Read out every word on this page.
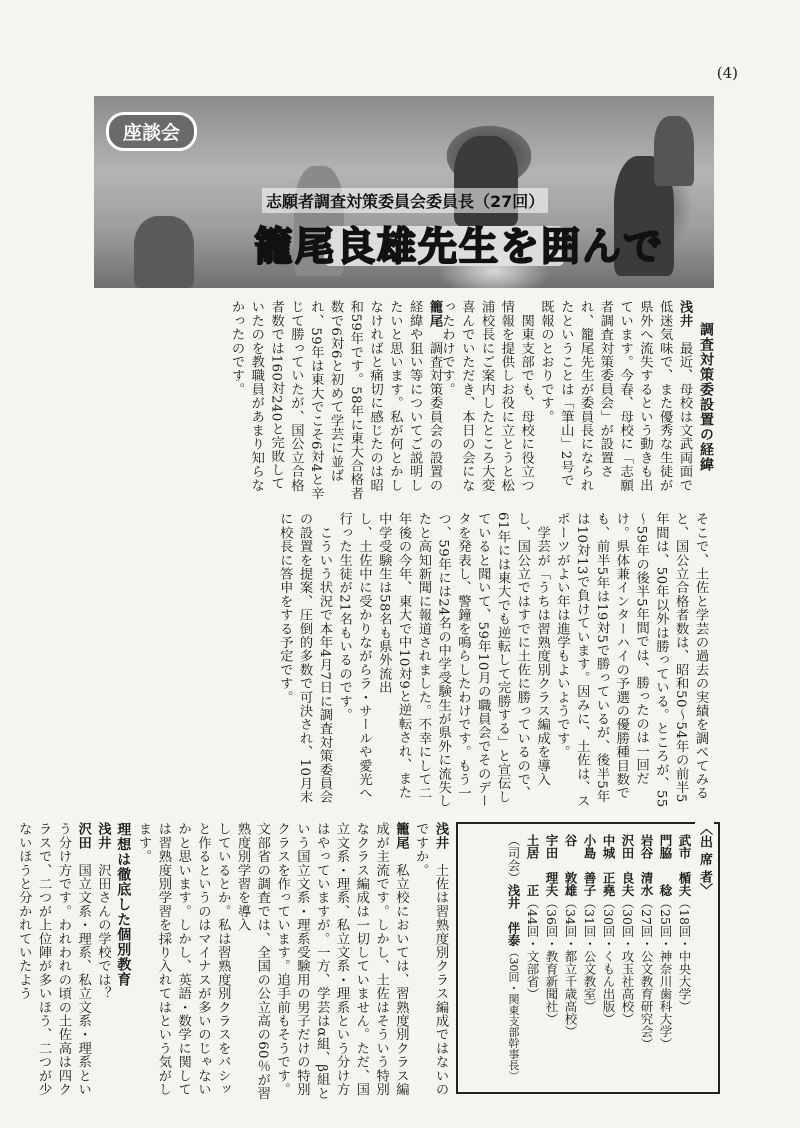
(4)
座談会
志願者調査対策委員会委員長（27回）
籠尾良雄先生を囲んで
調査対策委設置の経緯
浅井　最近、母校は文武両面で低迷気味で、また優秀な生徒が県外へ流失するという動きも出ています。今春、母校に「志願者調査対策委員会」が設置され、籠尾先生が委員長になられたということは「筆山」2号で既報のとおりです。
　関東支部でも、母校に役立つ情報を提供しお役に立とうと松浦校長にご案内したところ大変喜んでいただき、本日の会になったわけです。
籠尾　調査対策委員会の設置の経緯や狙い等についてご説明したいと思います。私が何とかしなければと痛切に感じたのは昭和59年です。58年に東大合格者数で6対6と初めて学芸に並ばれ、59年は東大でこそ6対4と辛じて勝っていたが、国公立合格者数では160対240と完敗していたのを教職員があまり知らなかったのです。
そこで、土佐と学芸の過去の実績を調べてみると、国公立合格者数は、昭和50～54年の前半5年間は、50年以外は勝っている。ところが、55～59年の後半5年間では、勝ったのは一回だけ。県体兼インターハイの予選の優勝種目数でも、前半5年は19対5で勝っているが、後半5年は10対13で負けています。因みに、土佐は、スポーツがよい年は進学もよいようです。
　学芸が「うちは習熟度別クラス編成を導入し、国公立ではすでに土佐に勝っているので、61年には東大でも逆転して完勝する」と宣伝していると聞いて、59年10月の職員会でそのデータを発表し、警鐘を鳴らしたわけです。もう一つ、59年には24名の中学受験生が県外に流失したと高知新聞に報道されました。不幸にして二年後の今年、東大で中10対9と逆転され、また中学受験生は58名も県外流出
し、土佐中に受かりながらラ・サールや愛光へ行った生徒が21名もいるのです。
　こういう状況で本年4月7日に調査対策委員会の設置を提案、圧倒的多数で可決され、10月末に校長に答申をする予定です。
浅井　土佐は習熟度別クラス編成ではないのですか。
籠尾　私立校においては、習熟度別クラス編成が主流です。しかし、土佐はそういう特別なクラス編成は一切していません。ただ、国立文系・理系、私立文系・理系という分け方はやっていますが。一方、学芸はα組、β組という国立文系・理系受験用の男子だけの特別クラスを作っています。追手前もそうです。文部省の調査では、全国の公立高の60％が習熟度別学習を導入
しているとか。私は習熟度別クラスをバシッと作るというのはマイナスが多いのじゃないかと思います。しかし、英語・数学に関しては習熟度別学習を採り入れてはという気がします。
理想は徹底した個別教育
浅井　沢田さんの学校では？
沢田　国立文系・理系、私立文系・理系という分け方です。われわれの頃の土佐高は四クラスで、二つが上位陣が多いほう、二つが少ないほうと分かれていたよう	〈出 席 者〉
武市　楯夫（18回・中央大学）
門脇　　稔（25回・神奈川歯科大学）
岩谷　清水（27回・公文教育研究会）
沢田　良夫（30回・攻玉社高校）
中城　正堯（30回・くもん出版）
小島　善子（31回・公文教室）
谷　　敦雄（34回・都立千歳高校）
宇田　理夫（36回・教育新聞社）
土居　　正（44回・文部省）
（司会）浅井　伴泰（30回・関東支部幹事長）
